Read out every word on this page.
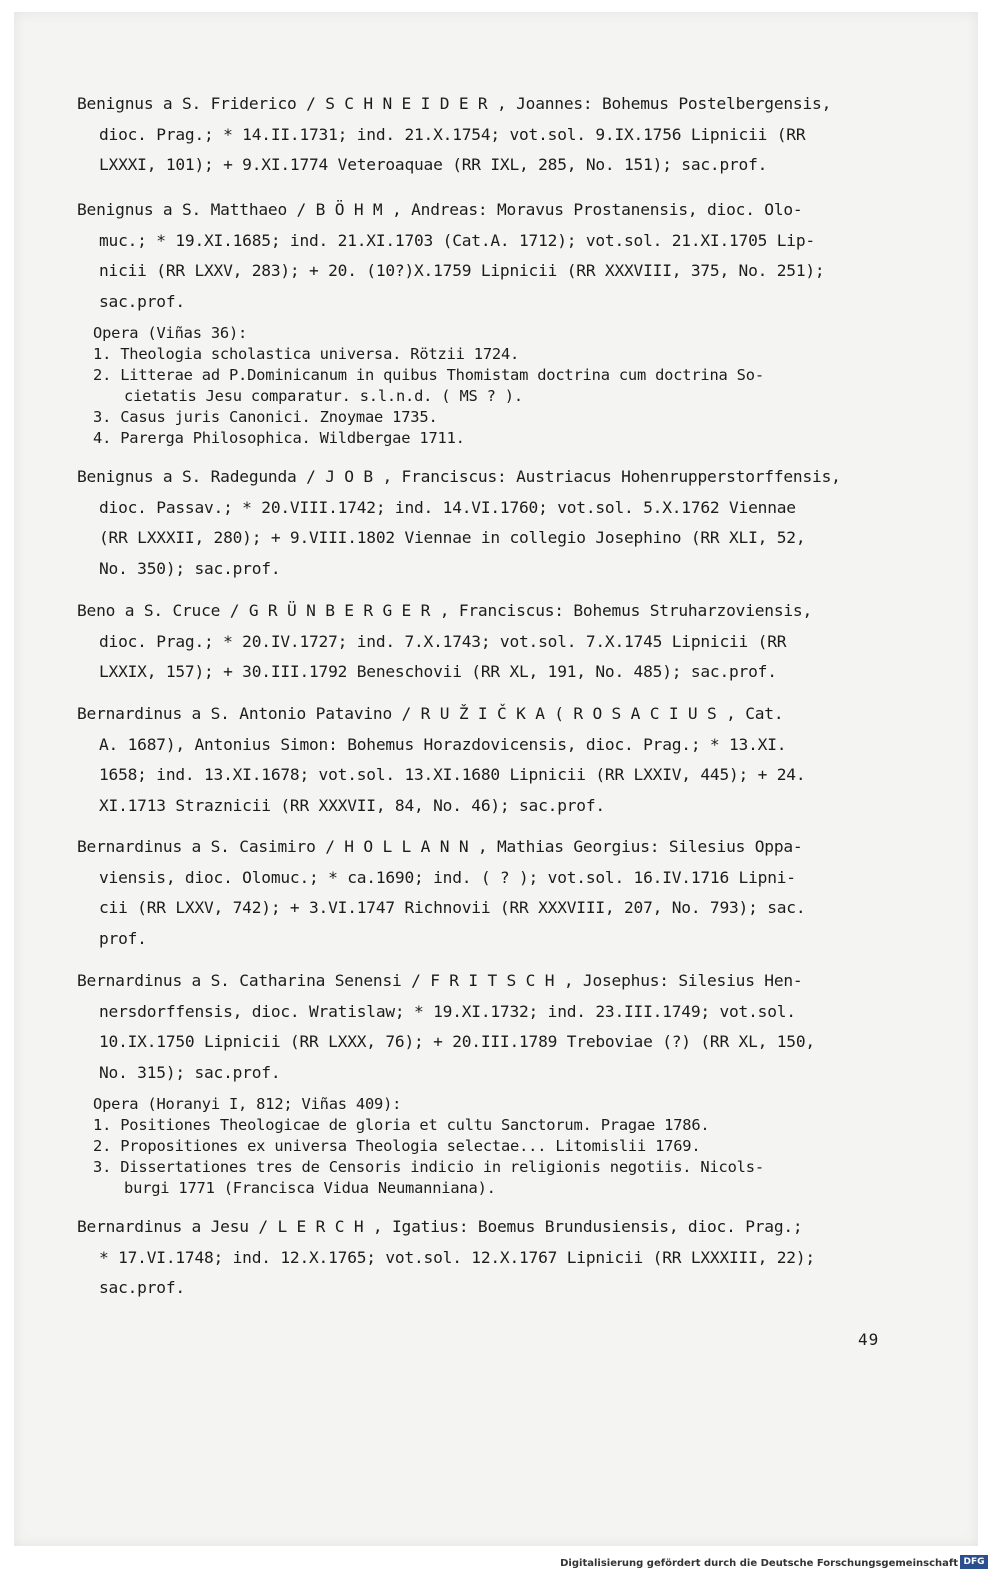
Benignus a S. Friderico / S C H N E I D E R , Joannes: Bohemus Postelbergensis,

dioc. Prag.; * 14.II.1731; ind. 21.X.1754; vot.sol. 9.IX.1756 Lipnicii (RR

LXXXI, 101); + 9.XI.1774 Veteroaquae (RR IXL, 285, No. 151); sac.prof.

Benignus a S. Matthaeo / B Ö H M , Andreas: Moravus Prostanensis, dioc. Olo-

muc.; * 19.XI.1685; ind. 21.XI.1703 (Cat.A. 1712); vot.sol. 21.XI.1705 Lip-

nicii (RR LXXV, 283); + 20. (10?)X.1759 Lipnicii (RR XXXVIII, 375, No. 251);

sac.prof.

Opera (Viñas 36):

1. Theologia scholastica universa. Rötzii 1724.

2. Litterae ad P.Dominicanum in quibus Thomistam doctrina cum doctrina So-

cietatis Jesu comparatur. s.l.n.d. ( MS ? ).

3. Casus juris Canonici. Znoymae 1735.

4. Parerga Philosophica. Wildbergae 1711.

Benignus a S. Radegunda / J O B , Franciscus: Austriacus Hohenrupperstorffensis,

dioc. Passav.; * 20.VIII.1742; ind. 14.VI.1760; vot.sol. 5.X.1762 Viennae

(RR LXXXII, 280); + 9.VIII.1802 Viennae in collegio Josephino (RR XLI, 52,

No. 350); sac.prof.

Beno a S. Cruce / G R Ü N B E R G E R , Franciscus: Bohemus Struharzoviensis,

dioc. Prag.; * 20.IV.1727; ind. 7.X.1743; vot.sol. 7.X.1745 Lipnicii (RR

LXXIX, 157); + 30.III.1792 Beneschovii (RR XL, 191, No. 485); sac.prof.

Bernardinus a S. Antonio Patavino / R U Ž I Č K A ( R O S A C I U S , Cat.

A. 1687), Antonius Simon: Bohemus Horazdovicensis, dioc. Prag.; * 13.XI.

1658; ind. 13.XI.1678; vot.sol. 13.XI.1680 Lipnicii (RR LXXIV, 445); + 24.

XI.1713 Straznicii (RR XXXVII, 84, No. 46); sac.prof.

Bernardinus a S. Casimiro / H O L L A N N , Mathias Georgius: Silesius Oppa-

viensis, dioc. Olomuc.; * ca.1690; ind. ( ? ); vot.sol. 16.IV.1716 Lipni-

cii (RR LXXV, 742); + 3.VI.1747 Richnovii (RR XXXVIII, 207, No. 793); sac.

prof.

Bernardinus a S. Catharina Senensi / F R I T S C H , Josephus: Silesius Hen-

nersdorffensis, dioc. Wratislaw; * 19.XI.1732; ind. 23.III.1749; vot.sol.

10.IX.1750 Lipnicii (RR LXXX, 76); + 20.III.1789 Treboviae (?) (RR XL, 150,

No. 315); sac.prof.

Opera (Horanyi I, 812; Viñas 409):

1. Positiones Theologicae de gloria et cultu Sanctorum. Pragae 1786.

2. Propositiones ex universa Theologia selectae... Litomislii 1769.

3. Dissertationes tres de Censoris indicio in religionis negotiis. Nicols-

burgi 1771 (Francisca Vidua Neumanniana).

Bernardinus a Jesu / L E R C H , Igatius: Boemus Brundusiensis, dioc. Prag.;

* 17.VI.1748; ind. 12.X.1765; vot.sol. 12.X.1767 Lipnicii (RR LXXXIII, 22);

sac.prof.

49
Digitalisierung gefördert durch die Deutsche Forschungsgemeinschaft DFG
